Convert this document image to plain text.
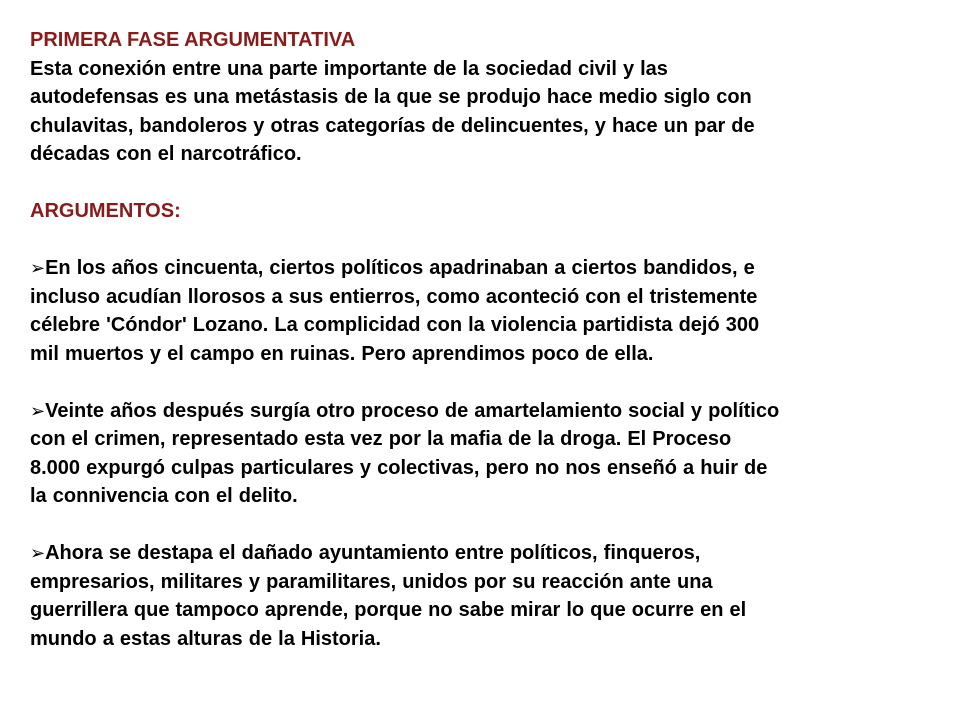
PRIMERA FASE ARGUMENTATIVA

Esta conexión entre una parte importante de la sociedad civil y las

autodefensas es una metástasis de la que se produjo hace medio siglo con

chulavitas, bandoleros y otras categorías de delincuentes, y hace un par de

décadas con el narcotráfico.

ARGUMENTOS:

➢En los años cincuenta, ciertos políticos apadrinaban a ciertos bandidos, e

incluso acudían llorosos a sus entierros, como aconteció con el tristemente

célebre 'Cóndor' Lozano. La complicidad con la violencia partidista dejó 300

mil muertos y el campo en ruinas. Pero aprendimos poco de ella.

➢Veinte años después surgía otro proceso de amartelamiento social y político

con el crimen, representado esta vez por la mafia de la droga. El Proceso

8.000 expurgó culpas particulares y colectivas, pero no nos enseñó a huir de

la connivencia con el delito.

➢Ahora se destapa el dañado ayuntamiento entre políticos, finqueros,

empresarios, militares y paramilitares, unidos por su reacción ante una

guerrillera que tampoco aprende, porque no sabe mirar lo que ocurre en el

mundo a estas alturas de la Historia.
